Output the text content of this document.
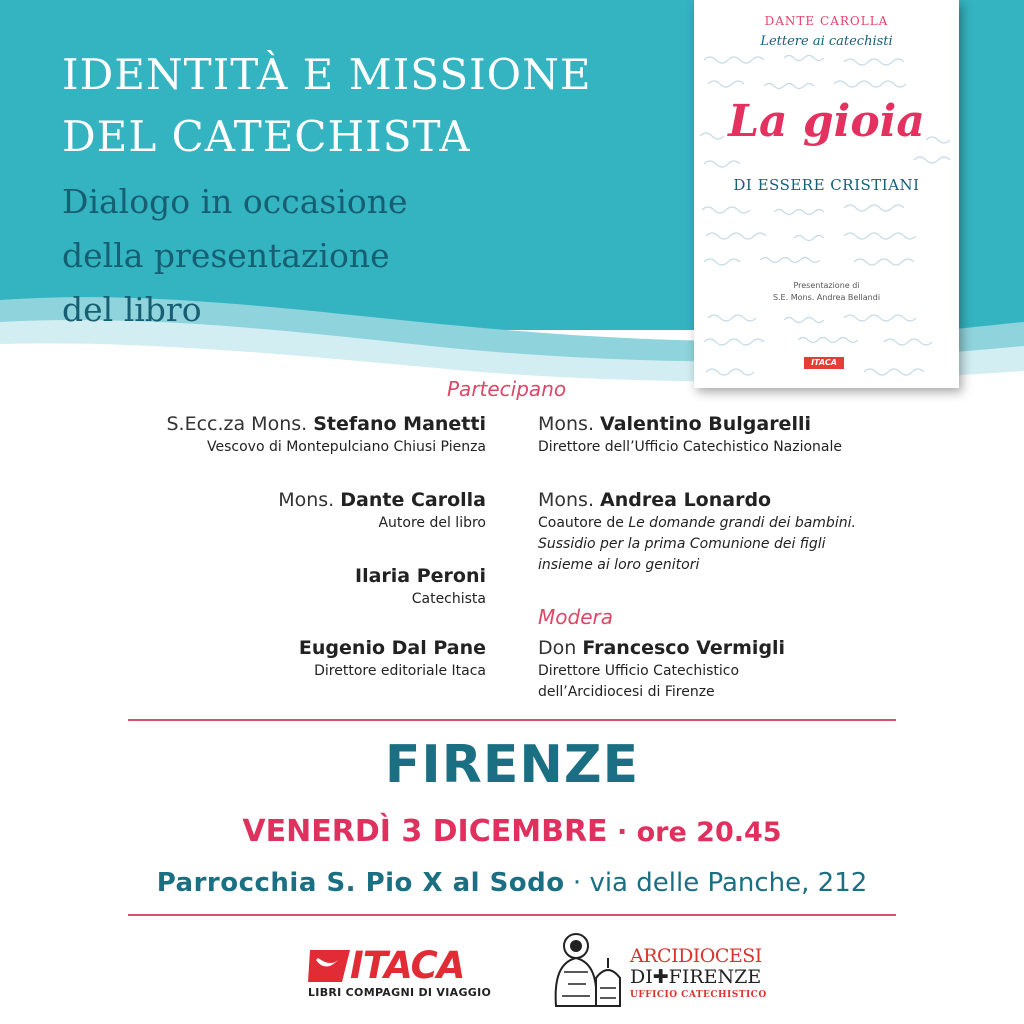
IDENTITÀ E MISSIONE
DEL CATECHISTA
Dialogo in occasione
della presentazione
del libro
DANTE CAROLLA
Lettere ai catechisti
La gioia
DI ESSERE CRISTIANI
Presentazione di
S.E. Mons. Andrea Bellandi
ITACA
Partecipano
S.Ecc.za Mons. Stefano Manetti
Vescovo di Montepulciano Chiusi Pienza
Mons. Dante Carolla
Autore del libro
Ilaria Peroni
Catechista
Eugenio Dal Pane
Direttore editoriale Itaca
Mons. Valentino Bulgarelli
Direttore dell’Ufficio Catechistico Nazionale
Mons. Andrea Lonardo
Coautore de Le domande grandi dei bambini.
Sussidio per la prima Comunione dei figli
insieme ai loro genitori
Modera
Don Francesco Vermigli
Direttore Ufficio Catechistico
dell’Arcidiocesi di Firenze
FIRENZE
VENERDÌ 3 DICEMBRE · ore 20.45
Parrocchia S. Pio X al Sodo · via delle Panche, 212
ITACA
LIBRI COMPAGNI DI VIAGGIO
ARCIDIOCESI
DI✚FIRENZE
UFFICIO CATECHISTICO
